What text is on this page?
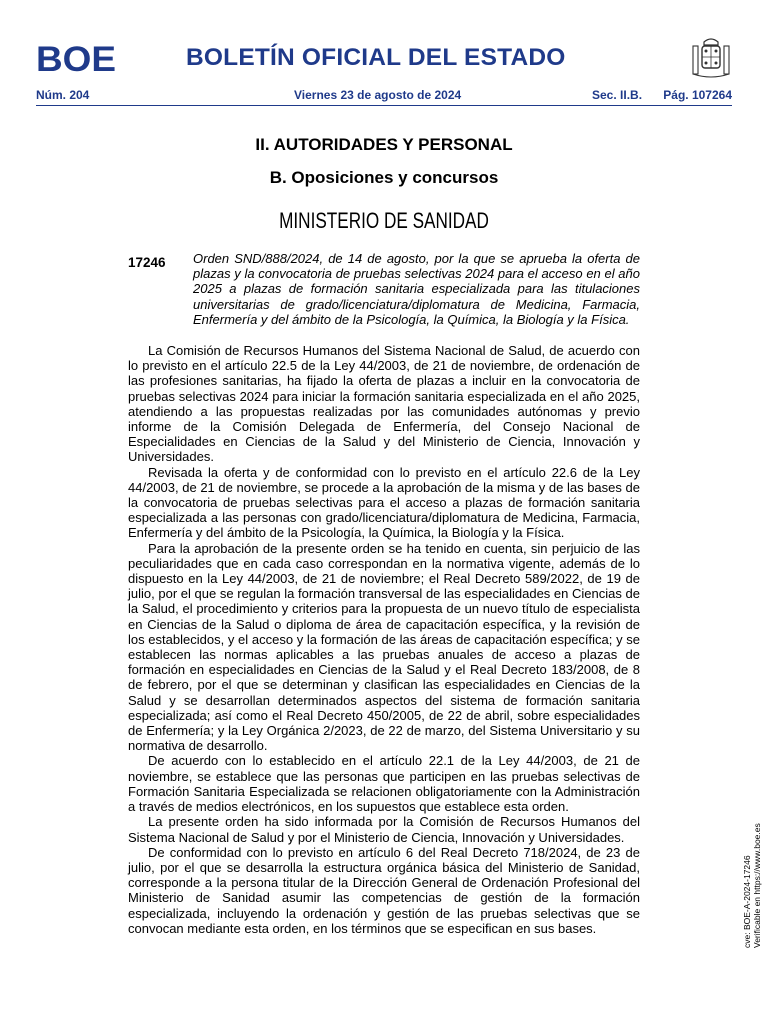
BOE	BOLETÍN OFICIAL DEL ESTADO
Núm. 204	Viernes 23 de agosto de 2024	Sec. II.B. Pág. 107264
II. AUTORIDADES Y PERSONAL
B. Oposiciones y concursos
MINISTERIO DE SANIDAD
17246 Orden SND/888/2024, de 14 de agosto, por la que se aprueba la oferta de plazas y la convocatoria de pruebas selectivas 2024 para el acceso en el año 2025 a plazas de formación sanitaria especializada para las titulaciones universitarias de grado/licenciatura/diplomatura de Medicina, Farmacia, Enfermería y del ámbito de la Psicología, la Química, la Biología y la Física.

La Comisión de Recursos Humanos del Sistema Nacional de Salud, de acuerdo con lo previsto en el artículo 22.5 de la Ley 44/2003, de 21 de noviembre, de ordenación de las profesiones sanitarias, ha fijado la oferta de plazas a incluir en la convocatoria de pruebas selectivas 2024 para iniciar la formación sanitaria especializada en el año 2025, atendiendo a las propuestas realizadas por las comunidades autónomas y previo informe de la Comisión Delegada de Enfermería, del Consejo Nacional de Especialidades en Ciencias de la Salud y del Ministerio de Ciencia, Innovación y Universidades.

Revisada la oferta y de conformidad con lo previsto en el artículo 22.6 de la Ley 44/2003, de 21 de noviembre, se procede a la aprobación de la misma y de las bases de la convocatoria de pruebas selectivas para el acceso a plazas de formación sanitaria especializada a las personas con grado/licenciatura/diplomatura de Medicina, Farmacia, Enfermería y del ámbito de la Psicología, la Química, la Biología y la Física.

Para la aprobación de la presente orden se ha tenido en cuenta, sin perjuicio de las peculiaridades que en cada caso correspondan en la normativa vigente, además de lo dispuesto en la Ley 44/2003, de 21 de noviembre; el Real Decreto 589/2022, de 19 de julio, por el que se regulan la formación transversal de las especialidades en Ciencias de la Salud, el procedimiento y criterios para la propuesta de un nuevo título de especialista en Ciencias de la Salud o diploma de área de capacitación específica, y la revisión de los establecidos, y el acceso y la formación de las áreas de capacitación específica; y se establecen las normas aplicables a las pruebas anuales de acceso a plazas de formación en especialidades en Ciencias de la Salud y el Real Decreto 183/2008, de 8 de febrero, por el que se determinan y clasifican las especialidades en Ciencias de la Salud y se desarrollan determinados aspectos del sistema de formación sanitaria especializada; así como el Real Decreto 450/2005, de 22 de abril, sobre especialidades de Enfermería; y la Ley Orgánica 2/2023, de 22 de marzo, del Sistema Universitario y su normativa de desarrollo.

De acuerdo con lo establecido en el artículo 22.1 de la Ley 44/2003, de 21 de noviembre, se establece que las personas que participen en las pruebas selectivas de Formación Sanitaria Especializada se relacionen obligatoriamente con la Administración a través de medios electrónicos, en los supuestos que establece esta orden.

La presente orden ha sido informada por la Comisión de Recursos Humanos del Sistema Nacional de Salud y por el Ministerio de Ciencia, Innovación y Universidades.

De conformidad con lo previsto en artículo 6 del Real Decreto 718/2024, de 23 de julio, por el que se desarrolla la estructura orgánica básica del Ministerio de Sanidad, corresponde a la persona titular de la Dirección General de Ordenación Profesional del Ministerio de Sanidad asumir las competencias de gestión de la formación especializada, incluyendo la ordenación y gestión de las pruebas selectivas que se convocan mediante esta orden, en los términos que se especifican en sus bases.	cve: BOE-A-2024-17246 Verificable en https://www.boe.es
